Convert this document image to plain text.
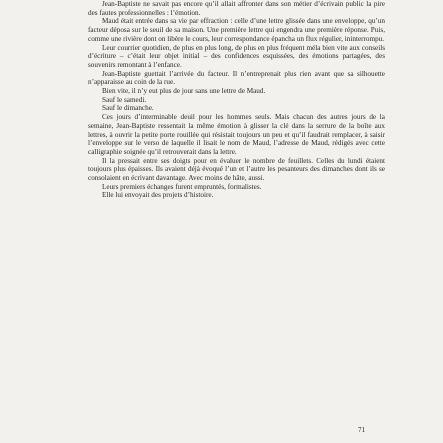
Jean-Baptiste ne savait pas encore qu’il allait affronter dans son métier d’écrivain public la pire des fautes professionnelles : l’émotion.

Maud était entrée dans sa vie par effraction : celle d’une lettre glissée dans une enveloppe, qu’un facteur déposa sur le seuil de sa maison. Une première lettre qui engendra une première réponse. Puis, comme une rivière dont on libère le cours, leur correspondance épancha un flux régulier, ininterrompu.

Leur courrier quotidien, de plus en plus long, de plus en plus fréquent méla bien vite aux conseils d’écriture – c’était leur objet initial – des confidences esquissées, des émotions partagées, des souvenirs remontant à l’enfance.

Jean-Baptiste guettait l’arrivée du facteur. Il n’entreprenait plus rien avant que sa silhouette n’apparaisse au coin de la rue.

Bien vite, il n’y eut plus de jour sans une lettre de Maud.

Sauf le samedi.

Sauf le dimanche.

Ces jours d’interminable deuil pour les hommes seuls. Mais chacun des autres jours de la semaine, Jean-Baptiste ressentait la même émotion à glisser la clé dans la serrure de la boîte aux lettres, à ouvrir la petite porte rouillée qui résistait toujours un peu et qu’il faudrait remplacer, à saisir l’enveloppe sur le verso de laquelle il lisait le nom de Maud, l’adresse de Maud, rédigés avec cette calligraphie soignée qu’il retrouverait dans la lettre.

Il la pressait entre ses doigts pour en évaluer le nombre de feuillets. Celles du lundi étaient toujours plus épaisses. Ils avaient déjà évoqué l’un et l’autre les pesanteurs des dimanches dont ils se consolaient en écrivant davantage. Avec moins de hâte, aussi.

Leurs premiers échanges furent empruntés, formalistes.

Elle lui envoyait des projets d’histoire.

71
